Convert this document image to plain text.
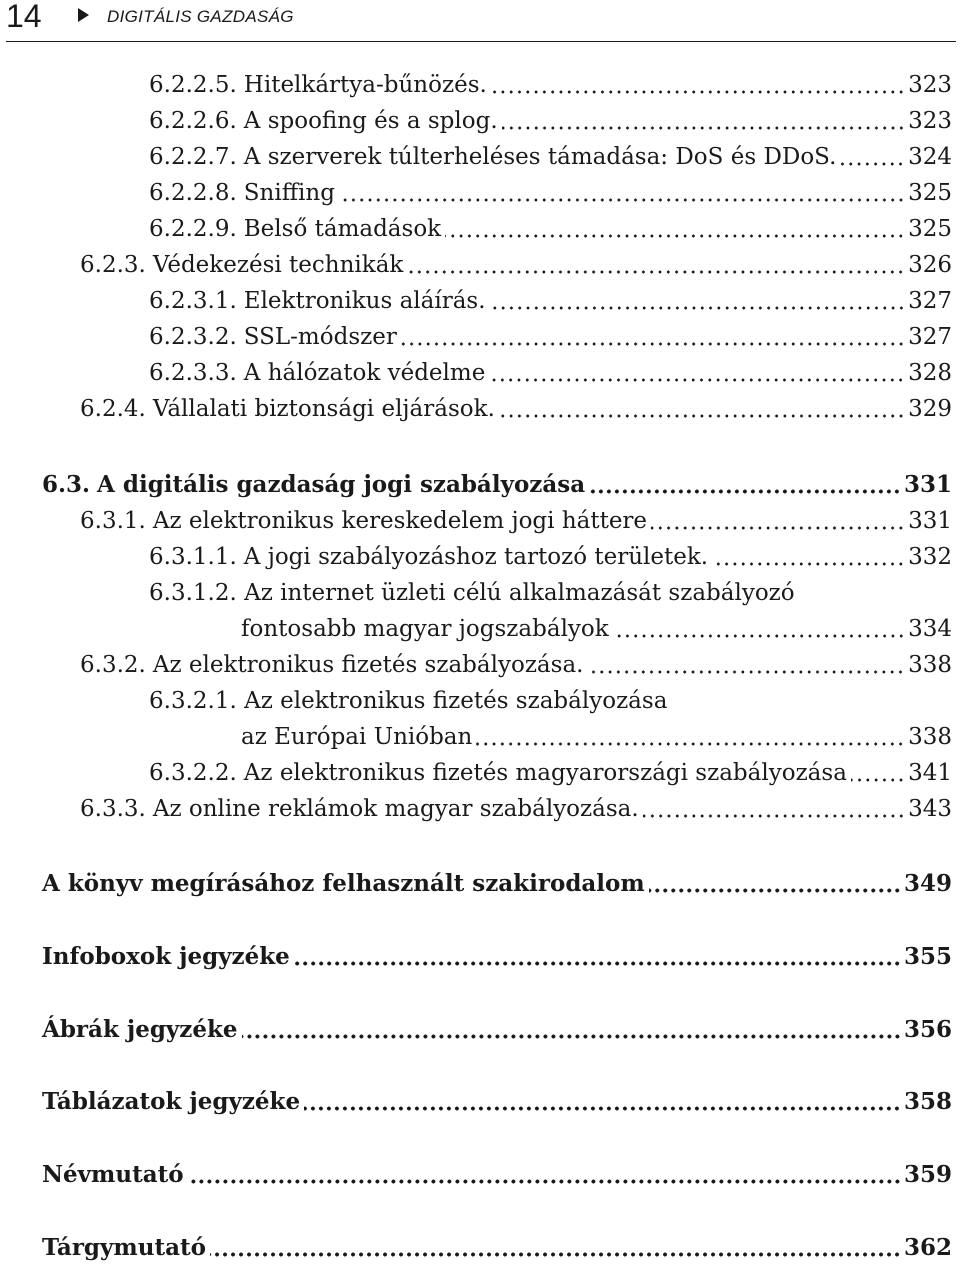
14	DIGITÁLIS GAZDASÁG
6.2.2.5. Hitelkártya-bűnözés.	323
6.2.2.6. A spoofing és a splog.	323
6.2.2.7. A szerverek túlterheléses támadása: DoS és DDoS.	324
6.2.2.8. Sniffing	325
6.2.2.9. Belső támadások	325
6.2.3. Védekezési technikák	326
6.2.3.1. Elektronikus aláírás.	327
6.2.3.2. SSL-módszer	327
6.2.3.3. A hálózatok védelme	328
6.2.4. Vállalati biztonsági eljárások.	329
6.3. A digitális gazdaság jogi szabályozása	331
6.3.1. Az elektronikus kereskedelem jogi háttere	331
6.3.1.1. A jogi szabályozáshoz tartozó területek.	332
6.3.1.2. Az internet üzleti célú alkalmazását szabályozó
fontosabb magyar jogszabályok	334
6.3.2. Az elektronikus fizetés szabályozása.	338
6.3.2.1. Az elektronikus fizetés szabályozása
az Európai Unióban	338
6.3.2.2. Az elektronikus fizetés magyarországi szabályozása	341
6.3.3. Az online reklámok magyar szabályozása.	343
A könyv megírásához felhasznált szakirodalom	349
Infoboxok jegyzéke	355
Ábrák jegyzéke	356
Táblázatok jegyzéke	358
Névmutató	359
Tárgymutató	362
